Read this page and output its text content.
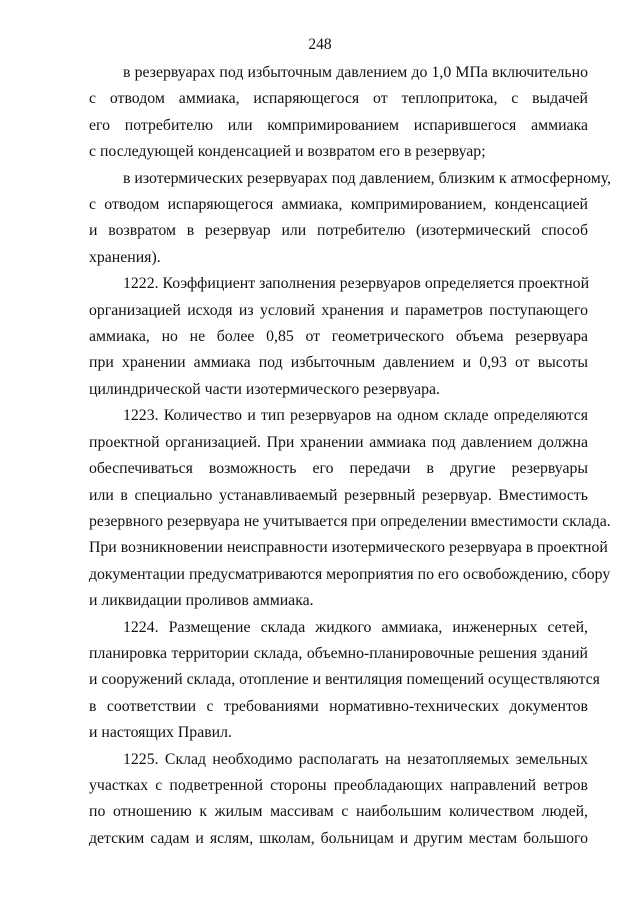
248
в резервуарах под избыточным давлением до 1,0 МПа включительно
с отводом аммиака, испаряющегося от теплопритока, с выдачей
его потребителю или компримированием испарившегося аммиака
с последующей конденсацией и возвратом его в резервуар;
в изотермических резервуарах под давлением, близким к атмосферному,
с отводом испаряющегося аммиака, компримированием, конденсацией
и возвратом в резервуар или потребителю (изотермический способ
хранения).
1222. Коэффициент заполнения резервуаров определяется проектной
организацией исходя из условий хранения и параметров поступающего
аммиака, но не более 0,85 от геометрического объема резервуара
при хранении аммиака под избыточным давлением и 0,93 от высоты
цилиндрической части изотермического резервуара.
1223. Количество и тип резервуаров на одном складе определяются
проектной организацией. При хранении аммиака под давлением должна
обеспечиваться возможность его передачи в другие резервуары
или в специально устанавливаемый резервный резервуар. Вместимость
резервного резервуара не учитывается при определении вместимости склада.
При возникновении неисправности изотермического резервуара в проектной
документации предусматриваются мероприятия по его освобождению, сбору
и ликвидации проливов аммиака.
1224. Размещение склада жидкого аммиака, инженерных сетей,
планировка территории склада, объемно-планировочные решения зданий
и сооружений склада, отопление и вентиляция помещений осуществляются
в соответствии с требованиями нормативно-технических документов
и настоящих Правил.
1225. Склад необходимо располагать на незатопляемых земельных
участках с подветренной стороны преобладающих направлений ветров
по отношению к жилым массивам с наибольшим количеством людей,
детским садам и яслям, школам, больницам и другим местам большого
